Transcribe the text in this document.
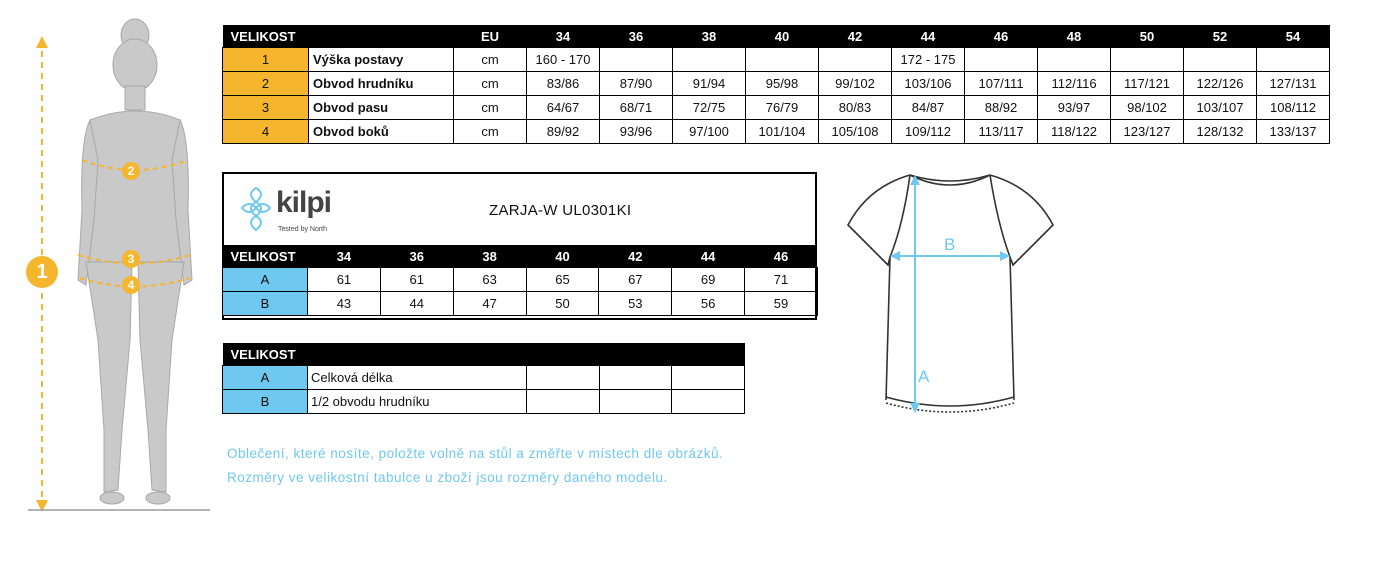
1
2
3
4
VELIKOST		EU	34	36	38	40	42	44	46	48	50	52	54
1	Výška postavy	cm	160 - 170					172 - 175					
2	Obvod hrudníku	cm	83/86	87/90	91/94	95/98	99/102	103/106	107/111	112/116	117/121	122/126	127/131
3	Obvod pasu	cm	64/67	68/71	72/75	76/79	80/83	84/87	88/92	93/97	98/102	103/107	108/112
4	Obvod boků	cm	89/92	93/96	97/100	101/104	105/108	109/112	113/117	118/122	123/127	128/132	133/137
kilpi
Tested by North
ZARJA-W UL0301KI
VELIKOST	34	36	38	40	42	44	46
A	61	61	63	65	67	69	71
B	43	44	47	50	53	56	59
VELIKOST				
A	Celková délka			
B	1/2 obvodu hrudníku			
A
B
Oblečení, které nosíte, položte volně na stůl a změřte v místech dle obrázků.
Rozměry ve velikostní tabulce u zboží jsou rozměry daného modelu.
